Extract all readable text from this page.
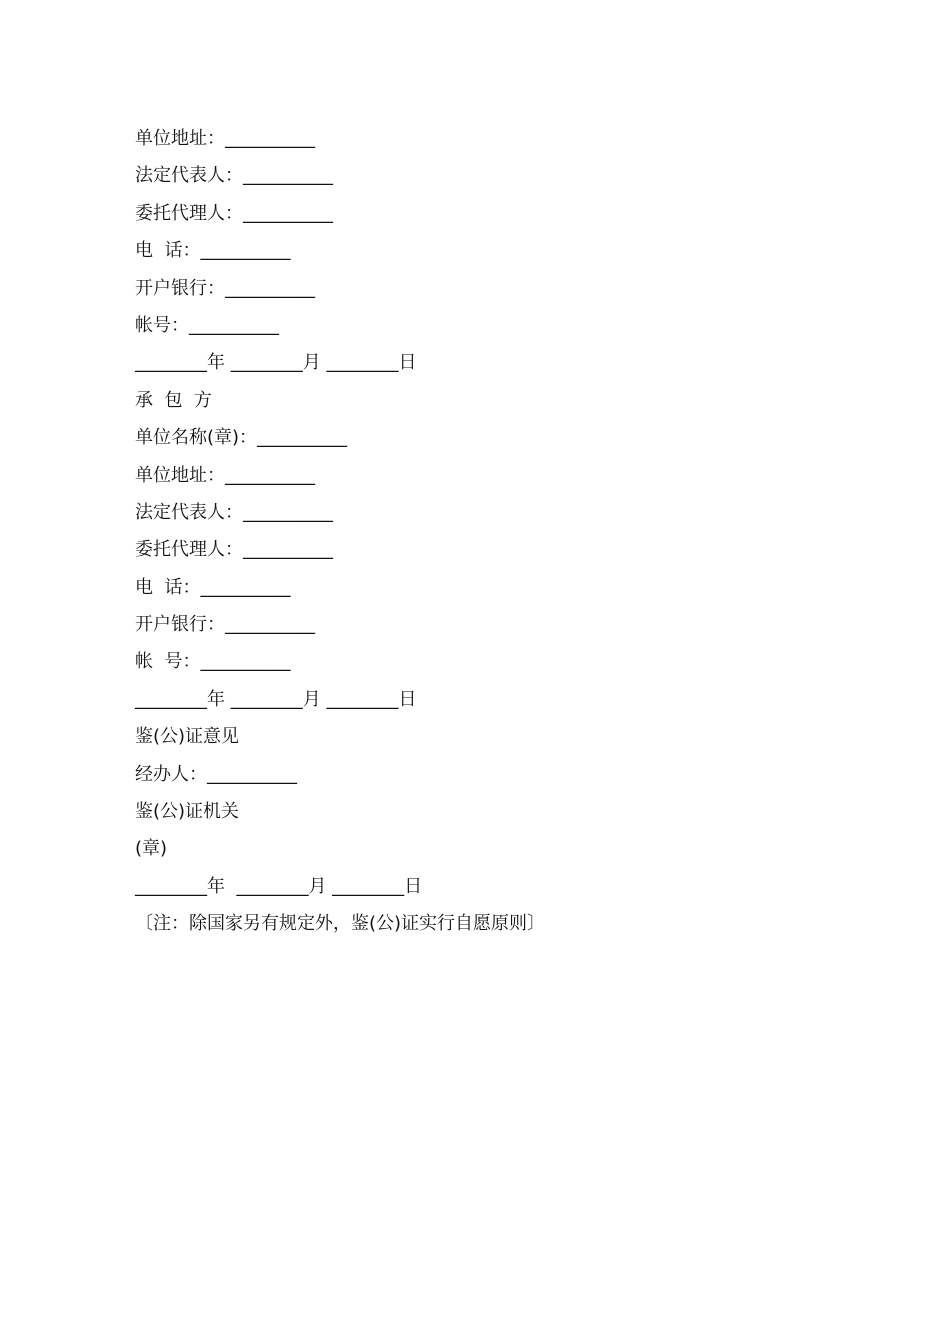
单位地址：__________
法定代表人：__________
委托代理人：__________
电  话：__________
开户银行：__________
帐号：__________
________年 ________月 ________日
承  包  方
单位名称(章)：__________
单位地址：__________
法定代表人：__________
委托代理人：__________
电  话：__________
开户银行：__________
帐  号：__________
________年 ________月 ________日
鉴(公)证意见
经办人：__________
鉴(公)证机关
(章)
________年  ________月 ________日
〔注：除国家另有规定外，鉴(公)证实行自愿原则〕
